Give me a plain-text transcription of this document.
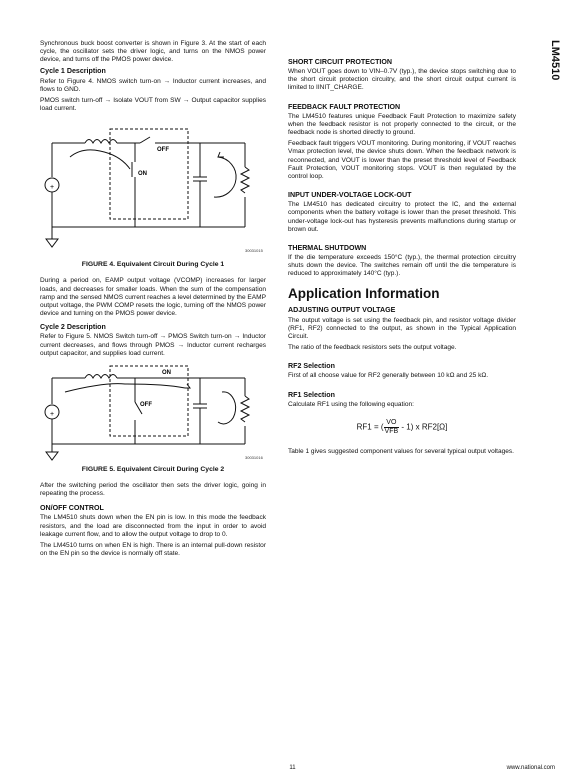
LM4510

Synchronous buck boost converter is shown in Figure 3. At the start of each cycle, the oscillator sets the driver logic, and turns on the NMOS power device, and turns off the PMOS power device.

Cycle 1 Description

Refer to Figure 4. NMOS switch turn-on → Inductor current increases, and flows to GND.

PMOS switch turn-off → Isolate VOUT from SW → Output capacitor supplies load current.

ON
OFF
+
30031015
FIGURE 4. Equivalent Circuit During Cycle 1

During a period on, EAMP output voltage (VCOMP) increases for larger loads, and decreases for smaller loads. When the sum of the compensation ramp and the sensed NMOS current reaches a level determined by the EAMP output voltage, the PWM COMP resets the logic, turning off the NMOS power device and turning on the PMOS power device.

Cycle 2 Description

Refer to Figure 5. NMOS Switch turn-off → PMOS Switch turn-on → Inductor current decreases, and flows through PMOS → Inductor current recharges output capacitor, and supplies load current.

ON
OFF
+
30031016
FIGURE 5. Equivalent Circuit During Cycle 2

After the switching period the oscillator then sets the driver logic, going in repeating the process.

ON/OFF CONTROL

The LM4510 shuts down when the EN pin is low. In this mode the feedback resistors, and the load are disconnected from the input in order to avoid leakage current flow, and to allow the output voltage to drop to 0.

The LM4510 turns on when EN is high. There is an internal pull-down resistor on the EN pin so the device is normally off state.

SHORT CIRCUIT PROTECTION

When VOUT goes down to VIN–0.7V (typ.), the device stops switching due to the short circuit protection circuitry, and the short circuit output current is limited to IINIT_CHARGE.

FEEDBACK FAULT PROTECTION

The LM4510 features unique Feedback Fault Protection to maximize safety when the feedback resistor is not properly connected to the circuit, or the feedback node is shorted directly to ground.

Feedback fault triggers VOUT monitoring. During monitoring, if VOUT reaches Vmax protection level, the device shuts down. When the feedback network is reconnected, and VOUT is lower than the preset threshold level of Feedback Fault Protection, VOUT monitoring stops. VOUT is then regulated by the control loop.

INPUT UNDER-VOLTAGE LOCK-OUT

The LM4510 has dedicated circuitry to protect the IC, and the external components when the battery voltage is lower than the preset threshold. This under-voltage lock-out has hysteresis prevents malfunctions during startup or brown out.

THERMAL SHUTDOWN

If the die temperature exceeds 150°C (typ.), the thermal protection circuitry shuts down the device. The switches remain off until the die temperature is reduced to approximately 140°C (typ.).

Application Information
ADJUSTING OUTPUT VOLTAGE

The output voltage is set using the feedback pin, and resistor voltage divider (RF1, RF2) connected to the output, as shown in the Typical Application Circuit.

The ratio of the feedback resistors sets the output voltage.

RF2 Selection

First of all choose value for RF2 generally between 10 kΩ and 25 kΩ.

RF1 Selection

Calculate RF1 using the following equation:

RF1 = ( $\frac{VO}{\text{VFB}} - 1$) x RF2[Ω]

Table 1 gives suggested component values for several typical output voltages.

11	www.national.com
